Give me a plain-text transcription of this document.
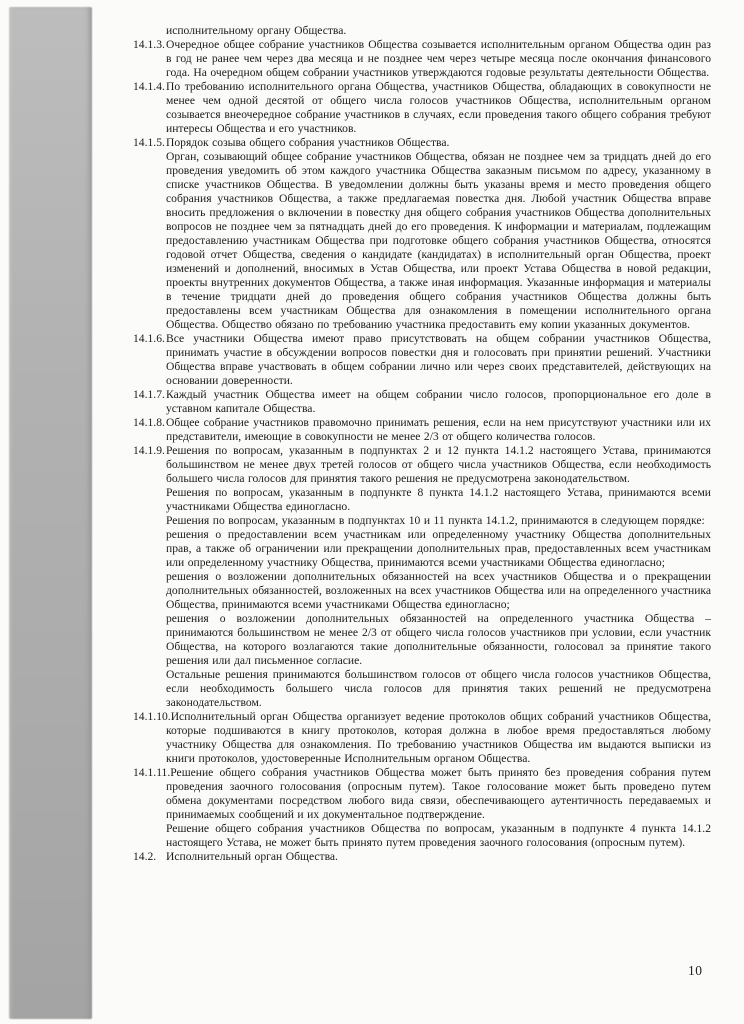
исполнительному органу Общества.

14.1.3.Очередное общее собрание участников Общества созывается исполнительным органом Общества один раз в год не ранее чем через два месяца и не позднее чем через четыре месяца после окончания финансового года. На очередном общем собрании участников утверждаются годовые результаты деятельности Общества.

14.1.4.По требованию исполнительного органа Общества, участников Общества, обладающих в совокупности не менее чем одной десятой от общего числа голосов участников Общества, исполнительным органом созывается внеочередное собрание участников в случаях, если проведения такого общего собрания требуют интересы Общества и его участников.

14.1.5.Порядок созыва общего собрания участников Общества.

Орган, созывающий общее собрание участников Общества, обязан не позднее чем за тридцать дней до его проведения уведомить об этом каждого участника Общества заказным письмом по адресу, указанному в списке участников Общества. В уведомлении должны быть указаны время и место проведения общего собрания участников Общества, а также предлагаемая повестка дня. Любой участник Общества вправе вносить предложения о включении в повестку дня общего собрания участников Общества дополнительных вопросов не позднее чем за пятнадцать дней до его проведения. К информации и материалам, подлежащим предоставлению участникам Общества при подготовке общего собрания участников Общества, относятся годовой отчет Общества, сведения о кандидате (кандидатах) в исполнительный орган Общества, проект изменений и дополнений, вносимых в Устав Общества, или проект Устава Общества в новой редакции, проекты внутренних документов Общества, а также иная информация. Указанные информация и материалы в течение тридцати дней до проведения общего собрания участников Общества должны быть предоставлены всем участникам Общества для ознакомления в помещении исполнительного органа Общества. Общество обязано по требованию участника предоставить ему копии указанных документов.

14.1.6.Все участники Общества имеют право присутствовать на общем собрании участников Общества, принимать участие в обсуждении вопросов повестки дня и голосовать при принятии решений. Участники Общества вправе участвовать в общем собрании лично или через своих представителей, действующих на основании доверенности.

14.1.7.Каждый участник Общества имеет на общем собрании число голосов, пропорциональное его доле в уставном капитале Общества.

14.1.8.Общее собрание участников правомочно принимать решения, если на нем присутствуют участники или их представители, имеющие в совокупности не менее 2/3 от общего количества голосов.

14.1.9.Решения по вопросам, указанным в подпунктах 2 и 12 пункта 14.1.2 настоящего Устава, принимаются большинством не менее двух третей голосов от общего числа участников Общества, если необходимость большего числа голосов для принятия такого решения не предусмотрена законодательством.

Решения по вопросам, указанным в подпункте 8 пункта 14.1.2 настоящего Устава, принимаются всеми участниками Общества единогласно.

Решения по вопросам, указанным в подпунктах 10 и 11 пункта 14.1.2, принимаются в следующем порядке:

решения о предоставлении всем участникам или определенному участнику Общества дополнительных прав, а также об ограничении или прекращении дополнительных прав, предоставленных всем участникам или определенному участнику Общества, принимаются всеми участниками Общества единогласно;

решения о возложении дополнительных обязанностей на всех участников Общества и о прекращении дополнительных обязанностей, возложенных на всех участников Общества или на определенного участника Общества, принимаются всеми участниками Общества единогласно;

решения о возложении дополнительных обязанностей на определенного участника Общества – принимаются большинством не менее 2/3 от общего числа голосов участников при условии, если участник Общества, на которого возлагаются такие дополнительные обязанности, голосовал за принятие такого решения или дал письменное согласие.

Остальные решения принимаются большинством голосов от общего числа голосов участников Общества, если необходимость большего числа голосов для принятия таких решений не предусмотрена законодательством.

14.1.10.Исполнительный орган Общества организует ведение протоколов общих собраний участников Общества, которые подшиваются в книгу протоколов, которая должна в любое время предоставляться любому участнику Общества для ознакомления. По требованию участников Общества им выдаются выписки из книги протоколов, удостоверенные Исполнительным органом Общества.

14.1.11.Решение общего собрания участников Общества может быть принято без проведения собрания путем проведения заочного голосования (опросным путем). Такое голосование может быть проведено путем обмена документами посредством любого вида связи, обеспечивающего аутентичность передаваемых и принимаемых сообщений и их документальное подтверждение.

Решение общего собрания участников Общества по вопросам, указанным в подпункте 4 пункта 14.1.2 настоящего Устава, не может быть принято путем проведения заочного голосования (опросным путем).

14.2. Исполнительный орган Общества.

10
